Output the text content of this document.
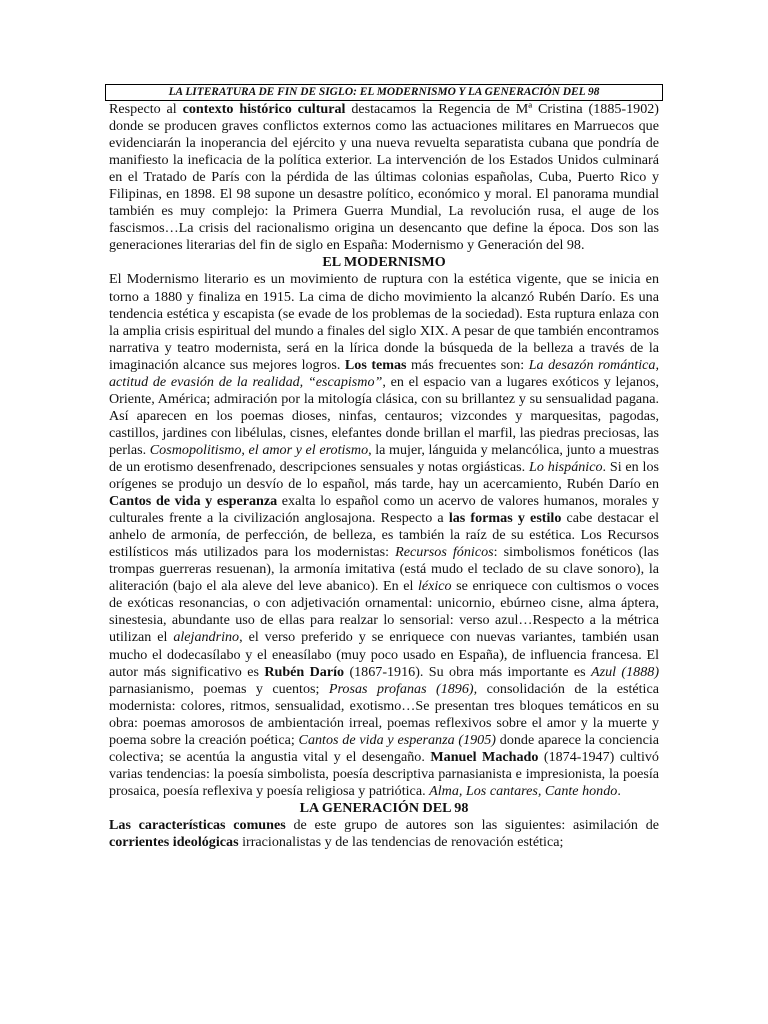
LA LITERATURA DE FIN DE SIGLO: EL MODERNISMO Y LA GENERACIÓN DEL 98

Respecto al contexto histórico cultural destacamos la Regencia de Mª Cristina (1885-1902) donde se producen graves conflictos externos como las actuaciones militares en Marruecos que evidenciarán la inoperancia del ejército y una nueva revuelta separatista cubana que pondría de manifiesto la ineficacia de la política exterior. La intervención de los Estados Unidos culminará en el Tratado de París con la pérdida de las últimas colonias españolas, Cuba, Puerto Rico y Filipinas, en 1898. El 98 supone un desastre político, económico y moral. El panorama mundial también es muy complejo: la Primera Guerra Mundial, La revolución rusa, el auge de los fascismos…La crisis del racionalismo origina un desencanto que define la época. Dos son las generaciones literarias del fin de siglo en España: Modernismo y Generación del 98.

EL MODERNISMO

El Modernismo literario es un movimiento de ruptura con la estética vigente, que se inicia en torno a 1880 y finaliza en 1915. La cima de dicho movimiento la alcanzó Rubén Darío. Es una tendencia estética y escapista (se evade de los problemas de la sociedad). Esta ruptura enlaza con la amplia crisis espiritual del mundo a finales del siglo XIX. A pesar de que también encontramos narrativa y teatro modernista, será en la lírica donde la búsqueda de la belleza a través de la imaginación alcance sus mejores logros. Los temas más frecuentes son: La desazón romántica, actitud de evasión de la realidad, “escapismo”, en el espacio van a lugares exóticos y lejanos, Oriente, América; admiración por la mitología clásica, con su brillantez y su sensualidad pagana. Así aparecen en los poemas dioses, ninfas, centauros; vizcondes y marquesitas, pagodas, castillos, jardines con libélulas, cisnes, elefantes donde brillan el marfil, las piedras preciosas, las perlas. Cosmopolitismo, el amor y el erotismo, la mujer, lánguida y melancólica, junto a muestras de un erotismo desenfrenado, descripciones sensuales y notas orgiásticas. Lo hispánico. Si en los orígenes se produjo un desvío de lo español, más tarde, hay un acercamiento, Rubén Darío en Cantos de vida y esperanza exalta lo español como un acervo de valores humanos, morales y culturales frente a la civilización anglosajona. Respecto a las formas y estilo cabe destacar el anhelo de armonía, de perfección, de belleza, es también la raíz de su estética. Los Recursos estilísticos más utilizados para los modernistas: Recursos fónicos: simbolismos fonéticos (las trompas guerreras resuenan), la armonía imitativa (está mudo el teclado de su clave sonoro), la aliteración (bajo el ala aleve del leve abanico). En el léxico se enriquece con cultismos o voces de exóticas resonancias, o con adjetivación ornamental: unicornio, ebúrneo cisne, alma áptera, sinestesia, abundante uso de ellas para realzar lo sensorial: verso azul…Respecto a la métrica utilizan el alejandrino, el verso preferido y se enriquece con nuevas variantes, también usan mucho el dodecasílabo y el eneasílabo (muy poco usado en España), de influencia francesa. El autor más significativo es Rubén Darío (1867-1916). Su obra más importante es Azul (1888) parnasianismo, poemas y cuentos; Prosas profanas (1896), consolidación de la estética modernista: colores, ritmos, sensualidad, exotismo…Se presentan tres bloques temáticos en su obra: poemas amorosos de ambientación irreal, poemas reflexivos sobre el amor y la muerte y poema sobre la creación poética; Cantos de vida y esperanza (1905) donde aparece la conciencia colectiva; se acentúa la angustia vital y el desengaño. Manuel Machado (1874-1947) cultivó varias tendencias: la poesía simbolista, poesía descriptiva parnasianista e impresionista, la poesía prosaica, poesía reflexiva y poesía religiosa y patriótica. Alma, Los cantares, Cante hondo.

LA GENERACIÓN DEL 98

Las características comunes de este grupo de autores son las siguientes: asimilación de corrientes ideológicas irracionalistas y de las tendencias de renovación estética;
